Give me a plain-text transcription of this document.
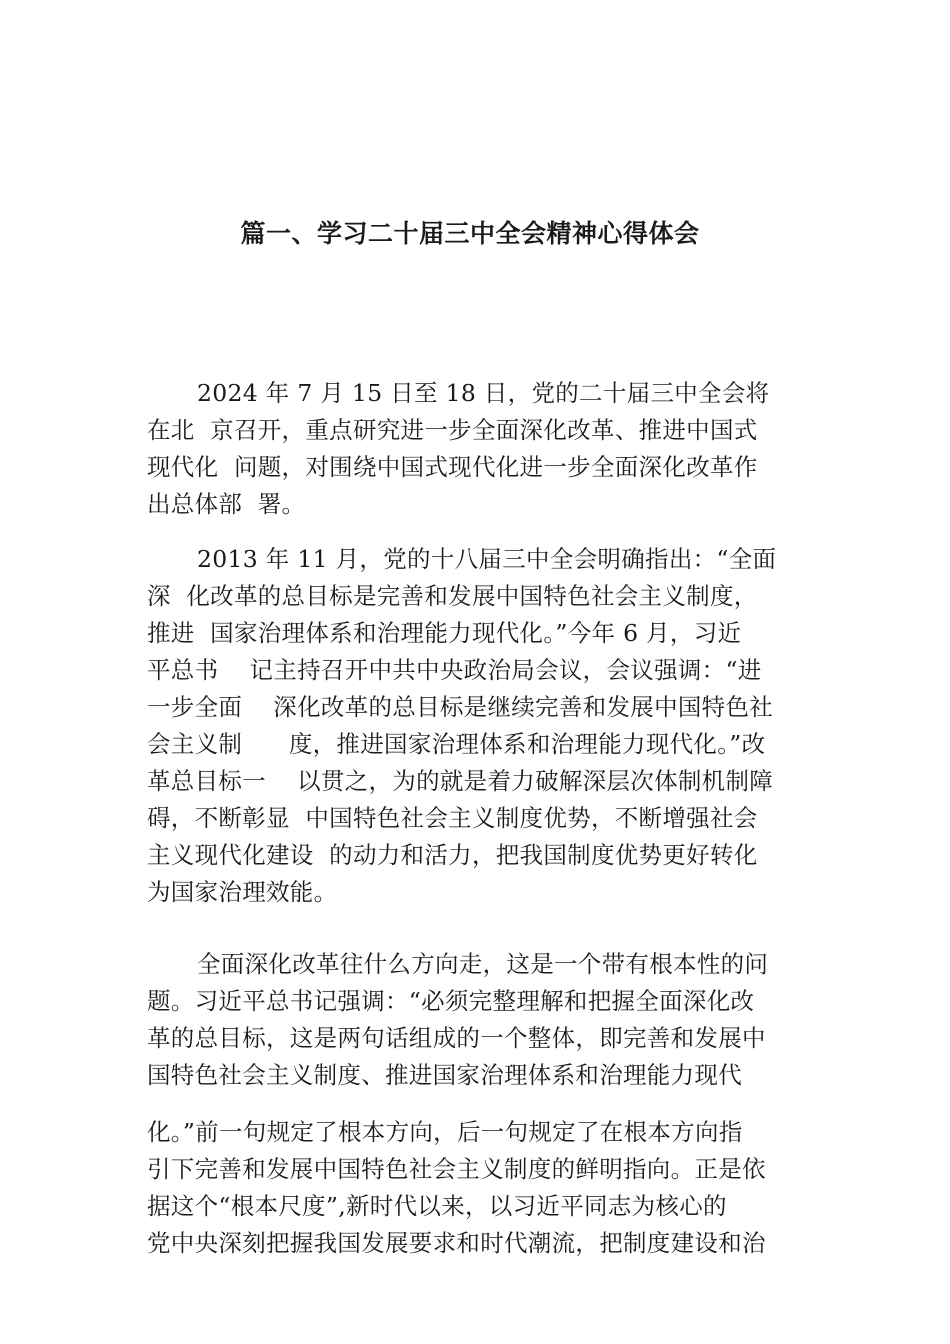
篇一、学习二十届三中全会精神心得体会
2024 年 7 月 15 日至 18 日，党的二十届三中全会将
在北  京召开，重点研究进一步全面深化改革、推进中国式
现代化  问题，对围绕中国式现代化进一步全面深化改革作
出总体部  署。
2013 年 11 月，党的十八届三中全会明确指出：“全面
深  化改革的总目标是完善和发展中国特色社会主义制度，
推进  国家治理体系和治理能力现代化。”今年 6 月，习近
平总书    记主持召开中共中央政治局会议，会议强调：“进
一步全面    深化改革的总目标是继续完善和发展中国特色社
会主义制      度，推进国家治理体系和治理能力现代化。”改
革总目标一    以贯之，为的就是着力破解深层次体制机制障
碍，不断彰显  中国特色社会主义制度优势，不断增强社会
主义现代化建设  的动力和活力，把我国制度优势更好转化
为国家治理效能。
全面深化改革往什么方向走，这是一个带有根本性的问
题。习近平总书记强调：“必须完整理解和把握全面深化改
革的总目标，这是两句话组成的一个整体，即完善和发展中
国特色社会主义制度、推进国家治理体系和治理能力现代
化。”前一句规定了根本方向，后一句规定了在根本方向指
引下完善和发展中国特色社会主义制度的鲜明指向。正是依
据这个“根本尺度”,新时代以来，以习近平同志为核心的
党中央深刻把握我国发展要求和时代潮流，把制度建设和治
